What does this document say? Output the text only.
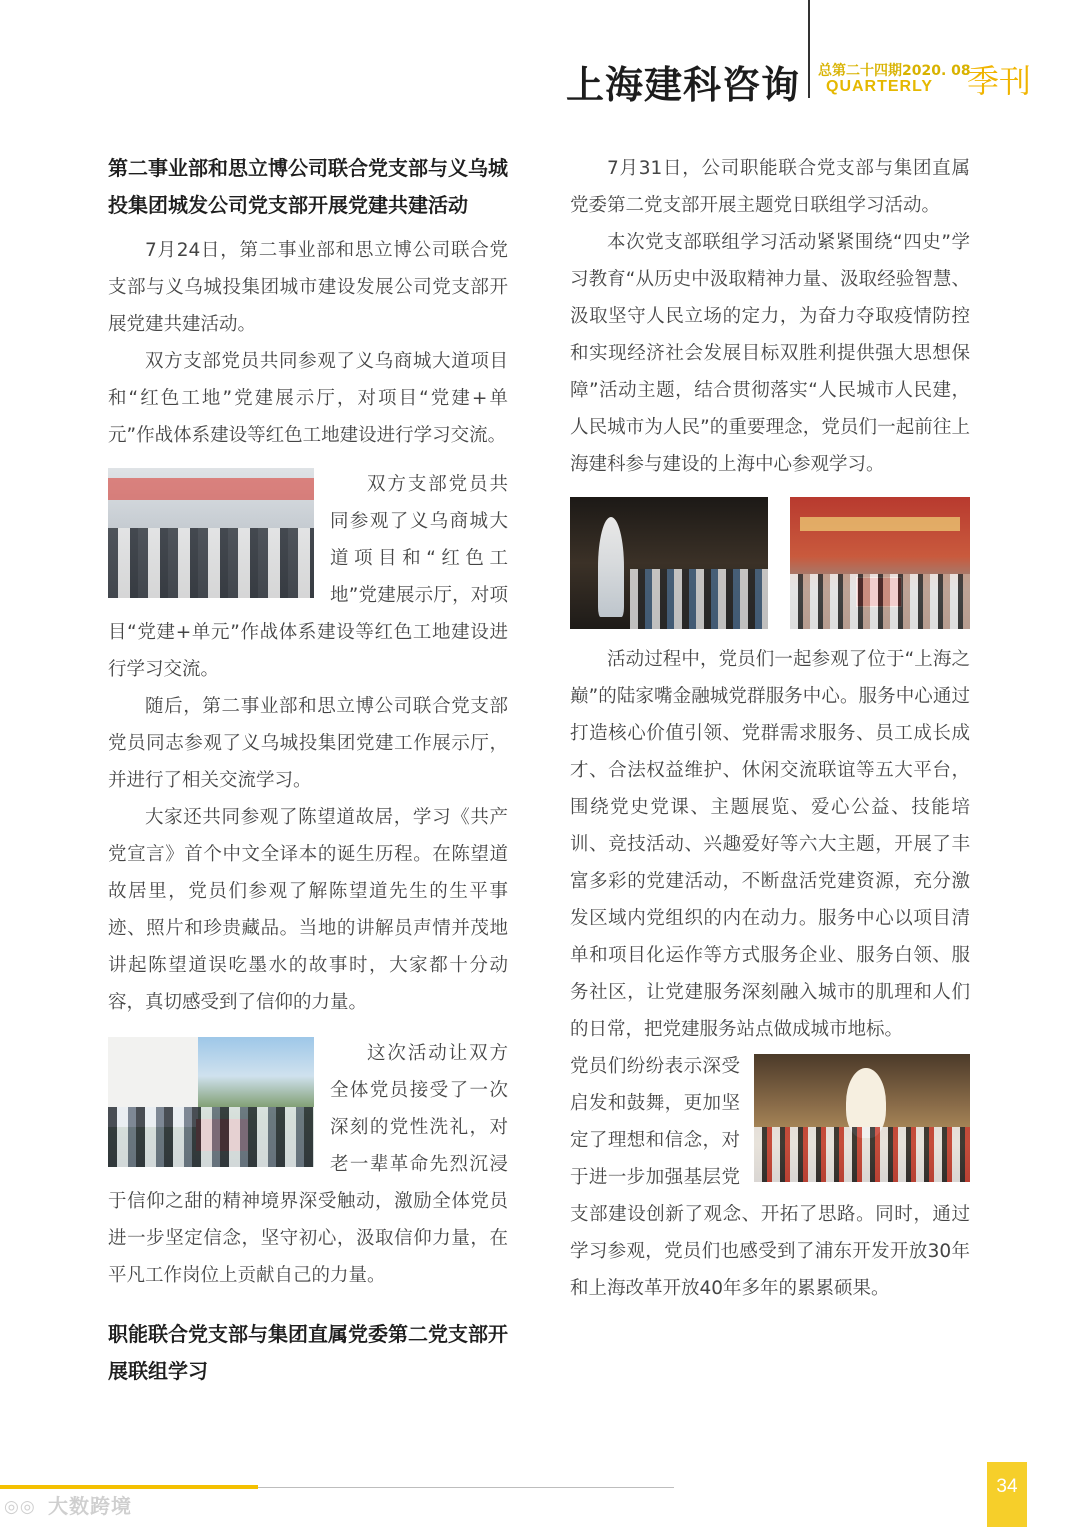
上海建科咨询 总第二十四期2020. 08
QUARTERLY 季刊
第二事业部和思立博公司联合党支部与义乌城投集团城发公司党支部开展党建共建活动

7月24日，第二事业部和思立博公司联合党支部与义乌城投集团城市建设发展公司党支部开展党建共建活动。

双方支部党员共同参观了义乌商城大道项目和“红色工地”党建展示厅，对项目“党建+单元”作战体系建设等红色工地建设进行学习交流。

双方支部党员共同参观了义乌商城大道项目和“红色工地”党建展示厅，对项目“党建+单元”作战体系建设等红色工地建设进行学习交流。

随后，第二事业部和思立博公司联合党支部党员同志参观了义乌城投集团党建工作展示厅，并进行了相关交流学习。

大家还共同参观了陈望道故居，学习《共产党宣言》首个中文全译本的诞生历程。在陈望道故居里，党员们参观了解陈望道先生的生平事迹、照片和珍贵藏品。当地的讲解员声情并茂地讲起陈望道误吃墨水的故事时，大家都十分动容，真切感受到了信仰的力量。

这次活动让双方全体党员接受了一次深刻的党性洗礼，对老一辈革命先烈沉浸于信仰之甜的精神境界深受触动，激励全体党员进一步坚定信念，坚守初心，汲取信仰力量，在平凡工作岗位上贡献自己的力量。

职能联合党支部与集团直属党委第二党支部开展联组学习

7月31日，公司职能联合党支部与集团直属党委第二党支部开展主题党日联组学习活动。

本次党支部联组学习活动紧紧围绕“四史”学习教育“从历史中汲取精神力量、汲取经验智慧、汲取坚守人民立场的定力，为奋力夺取疫情防控和实现经济社会发展目标双胜利提供强大思想保障”活动主题，结合贯彻落实“人民城市人民建，人民城市为人民”的重要理念，党员们一起前往上海建科参与建设的上海中心参观学习。

活动过程中，党员们一起参观了位于“上海之巅”的陆家嘴金融城党群服务中心。服务中心通过打造核心价值引领、党群需求服务、员工成长成才、合法权益维护、休闲交流联谊等五大平台，围绕党史党课、主题展览、爱心公益、技能培训、竞技活动、兴趣爱好等六大主题，开展了丰富多彩的党建活动，不断盘活党建资源，充分激发区域内党组织的内在动力。服务中心以项目清单和项目化运作等方式服务企业、服务白领、服务社区，让党建服务深刻融入城市的肌理和人们的日常，把党建服务站点做成城市地标。

党员们纷纷表示深受启发和鼓舞，更加坚定了理想和信念，对于进一步加强基层党支部建设创新了观念、开拓了思路。同时，通过学习参观，党员们也感受到了浦东开发开放30年和上海改革开放40年多年的累累硕果。

34
◎◎ 大数跨境
